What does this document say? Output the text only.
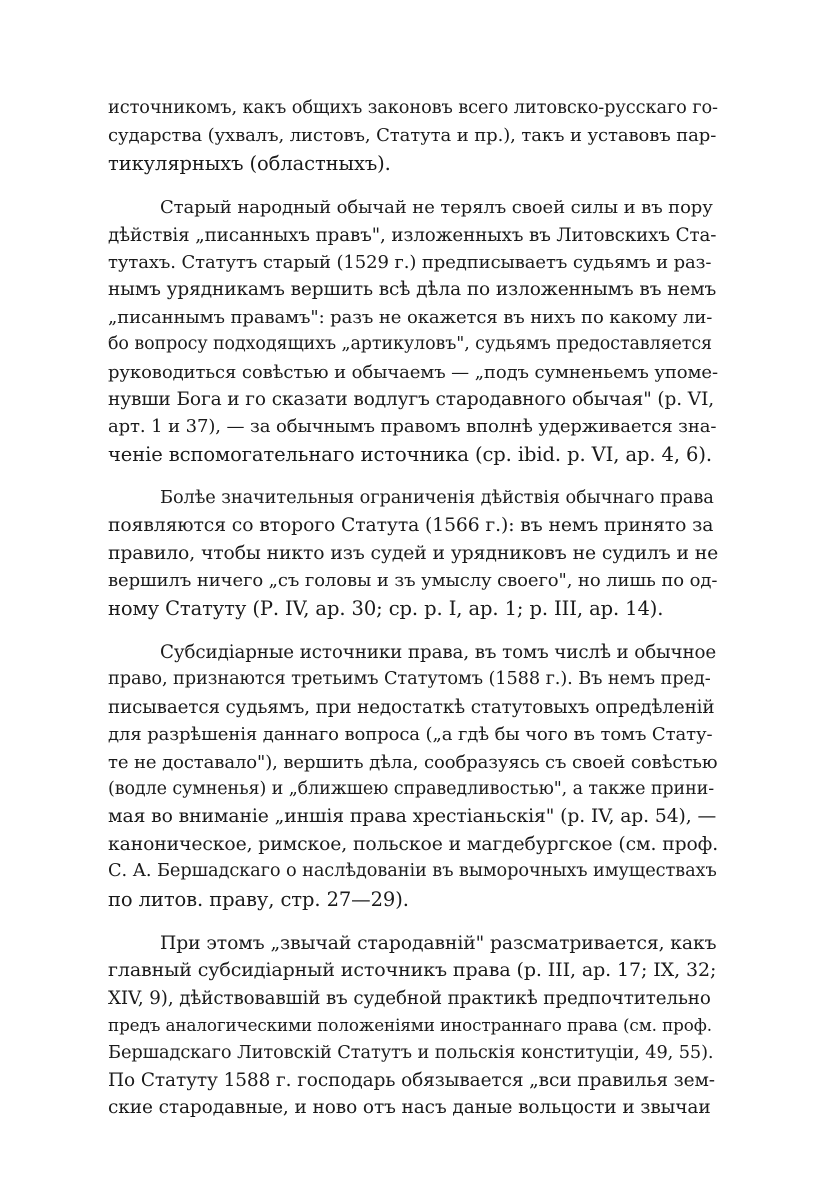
источникомъ, какъ общихъ законовъ всего литовско-русскаго го-
сударства (ухвалъ, листовъ, Статута и пр.), такъ и уставовъ пар-
тикулярныхъ (областныхъ).

Старый народный обычай не терялъ своей силы и въ пору
дѣйствія „писанныхъ правъ", изложенныхъ въ Литовскихъ Ста-
тутахъ. Статутъ старый (1529 г.) предписываетъ судьямъ и раз-
нымъ урядникамъ вершить всѣ дѣла по изложеннымъ въ немъ
„писаннымъ правамъ": разъ не окажется въ нихъ по какому ли-
бо вопросу подходящихъ „артикуловъ", судьямъ предоставляется
руководиться совѣстью и обычаемъ — „подъ сумненьемъ упоме-
нувши Бога и го сказати водлугъ стародавного обычая" (р. VI,
арт. 1 и 37), — за обычнымъ правомъ вполнѣ удерживается зна-
ченіе вспомогательнаго источника (ср. ibid. р. VI, ар. 4, 6).

Болѣе значительныя ограниченія дѣйствія обычнаго права
появляются со второго Статута (1566 г.): въ немъ принято за
правило, чтобы никто изъ судей и урядниковъ не судилъ и не
вершилъ ничего „съ головы и зъ умыслу своего", но лишь по од-
ному Статуту (Р. IV, ар. 30; ср. р. I, ар. 1; р. III, ар. 14).

Субсидіарные источники права, въ томъ числѣ и обычное
право, признаются третьимъ Статутомъ (1588 г.). Въ немъ пред-
писывается судьямъ, при недостаткѣ статутовыхъ опредѣленій
для разрѣшенія даннаго вопроса („а гдѣ бы чого въ томъ Стату-
те не доставало"), вершить дѣла, сообразуясь съ своей совѣстью
(водле сумненья) и „ближшею справедливостью", а также прини-
мая во вниманіе „иншія права хрестіаньскія" (р. IV, ар. 54), —
каноническое, римское, польское и магдебургское (см. проф.
С. А. Бершадскаго о наслѣдованіи въ выморочныхъ имуществахъ
по литов. праву, стр. 27—29).

При этомъ „звычай стародавній" разсматривается, какъ
главный субсидіарный источникъ права (р. III, ар. 17; IX, 32;
XIV, 9), дѣйствовавшій въ судебной практикѣ предпочтительно
предъ аналогическими положеніями иностраннаго права (см. проф.
Бершадскаго Литовскій Статутъ и польскія конституціи, 49, 55).
По Статуту 1588 г. господарь обязывается „вси правилья зем-
ские стародавные, и ново отъ насъ даные вольцости и звычаи
